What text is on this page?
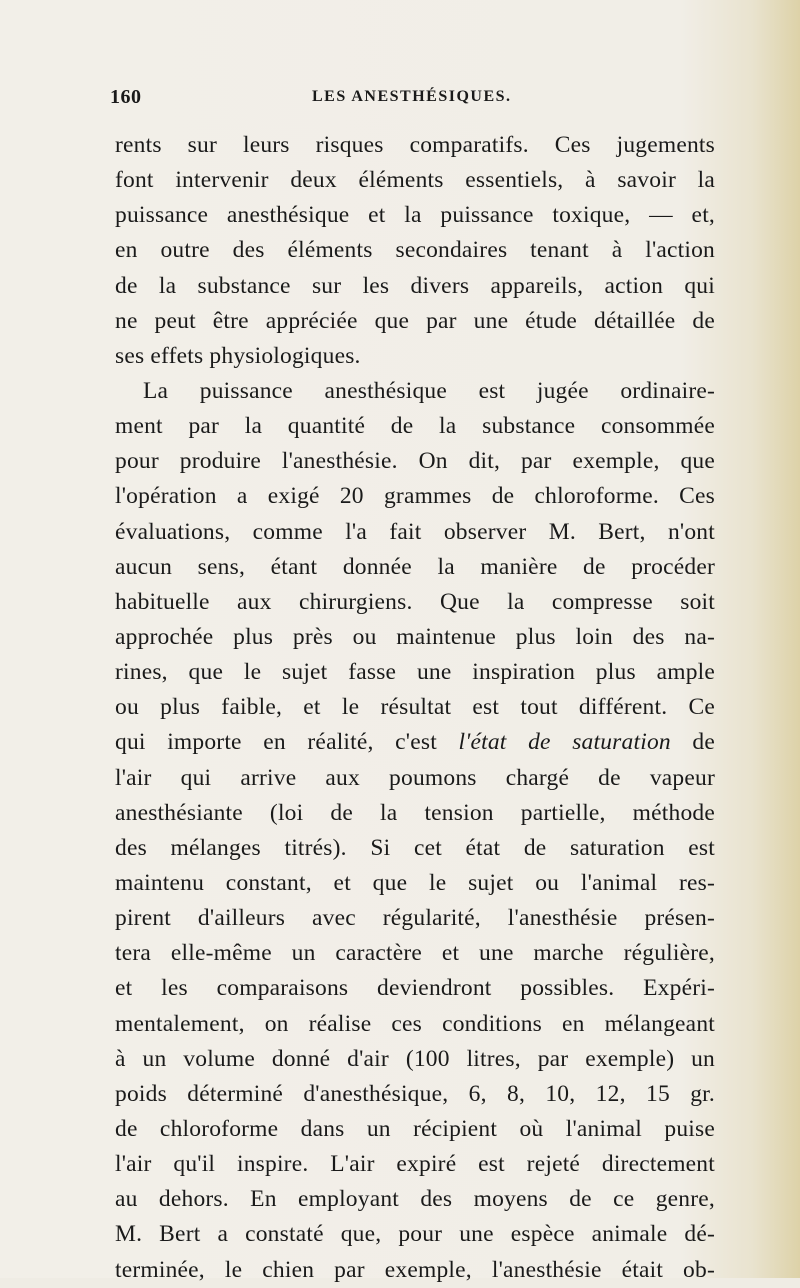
160	LES ANESTHÉSIQUES.
rents sur leurs risques comparatifs. Ces jugements
font intervenir deux éléments essentiels, à savoir la
puissance anesthésique et la puissance toxique, — et,
en outre des éléments secondaires tenant à l'action
de la substance sur les divers appareils, action qui
ne peut être appréciée que par une étude détaillée de
ses effets physiologiques.
La puissance anesthésique est jugée ordinaire-
ment par la quantité de la substance consommée
pour produire l'anesthésie. On dit, par exemple, que
l'opération a exigé 20 grammes de chloroforme. Ces
évaluations, comme l'a fait observer M. Bert, n'ont
aucun sens, étant donnée la manière de procéder
habituelle aux chirurgiens. Que la compresse soit
approchée plus près ou maintenue plus loin des na-
rines, que le sujet fasse une inspiration plus ample
ou plus faible, et le résultat est tout différent. Ce
qui importe en réalité, c'est l'état de saturation de
l'air qui arrive aux poumons chargé de vapeur
anesthésiante (loi de la tension partielle, méthode
des mélanges titrés). Si cet état de saturation est
maintenu constant, et que le sujet ou l'animal res-
pirent d'ailleurs avec régularité, l'anesthésie présen-
tera elle-même un caractère et une marche régulière,
et les comparaisons deviendront possibles. Expéri-
mentalement, on réalise ces conditions en mélangeant
à un volume donné d'air (100 litres, par exemple) un
poids déterminé d'anesthésique, 6, 8, 10, 12, 15 gr.
de chloroforme dans un récipient où l'animal puise
l'air qu'il inspire. L'air expiré est rejeté directement
au dehors. En employant des moyens de ce genre,
M. Bert a constaté que, pour une espèce animale dé-
terminée, le chien par exemple, l'anesthésie était ob-
